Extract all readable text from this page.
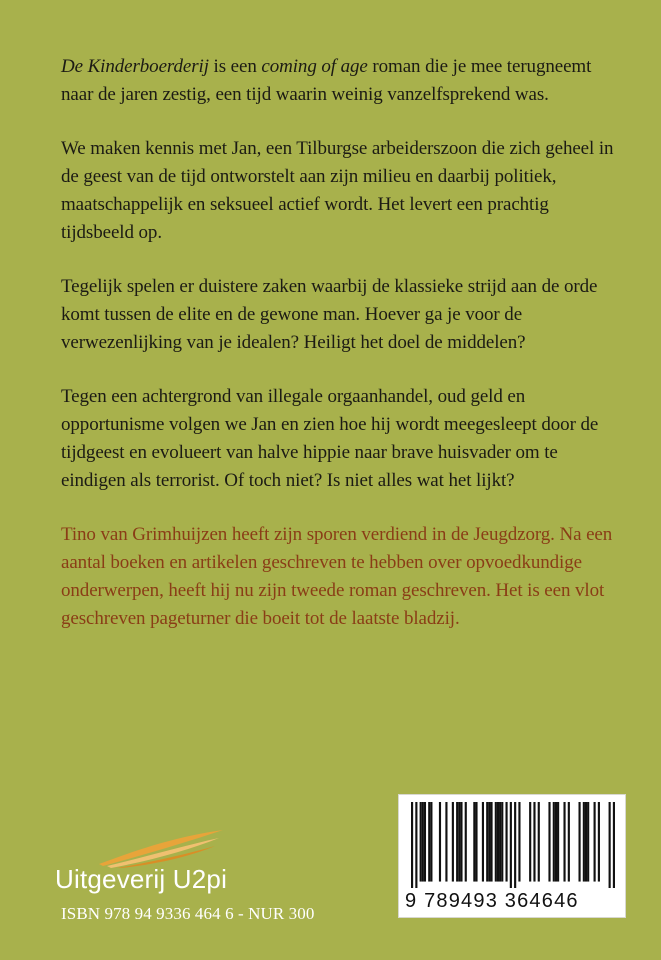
De Kinderboerderij is een coming of age roman die je mee terugneemt naar de jaren zestig, een tijd waarin weinig vanzelfsprekend was.

We maken kennis met Jan, een Tilburgse arbeiderszoon die zich geheel in de geest van de tijd ontworstelt aan zijn milieu en daarbij politiek, maatschappelijk en seksueel actief wordt. Het levert een prachtig tijdsbeeld op.

Tegelijk spelen er duistere zaken waarbij de klassieke strijd aan de orde komt tussen de elite en de gewone man. Hoever ga je voor de verwezenlijking van je idealen? Heiligt het doel de middelen?

Tegen een achtergrond van illegale orgaanhandel, oud geld en opportunisme volgen we Jan en zien hoe hij wordt meegesleept door de tijdgeest en evolueert van halve hippie naar brave huisvader om te eindigen als terrorist. Of toch niet? Is niet alles wat het lijkt?

Tino van Grimhuijzen heeft zijn sporen verdiend in de Jeugdzorg. Na een aantal boeken en artikelen geschreven te hebben over opvoedkundige onderwerpen, heeft hij nu zijn tweede roman geschreven. Het is een vlot geschreven pageturner die boeit tot de laatste bladzij.

Uitgeverij U2pi
ISBN 978 94 9336 464 6 - NUR 300
9 789493 364646
